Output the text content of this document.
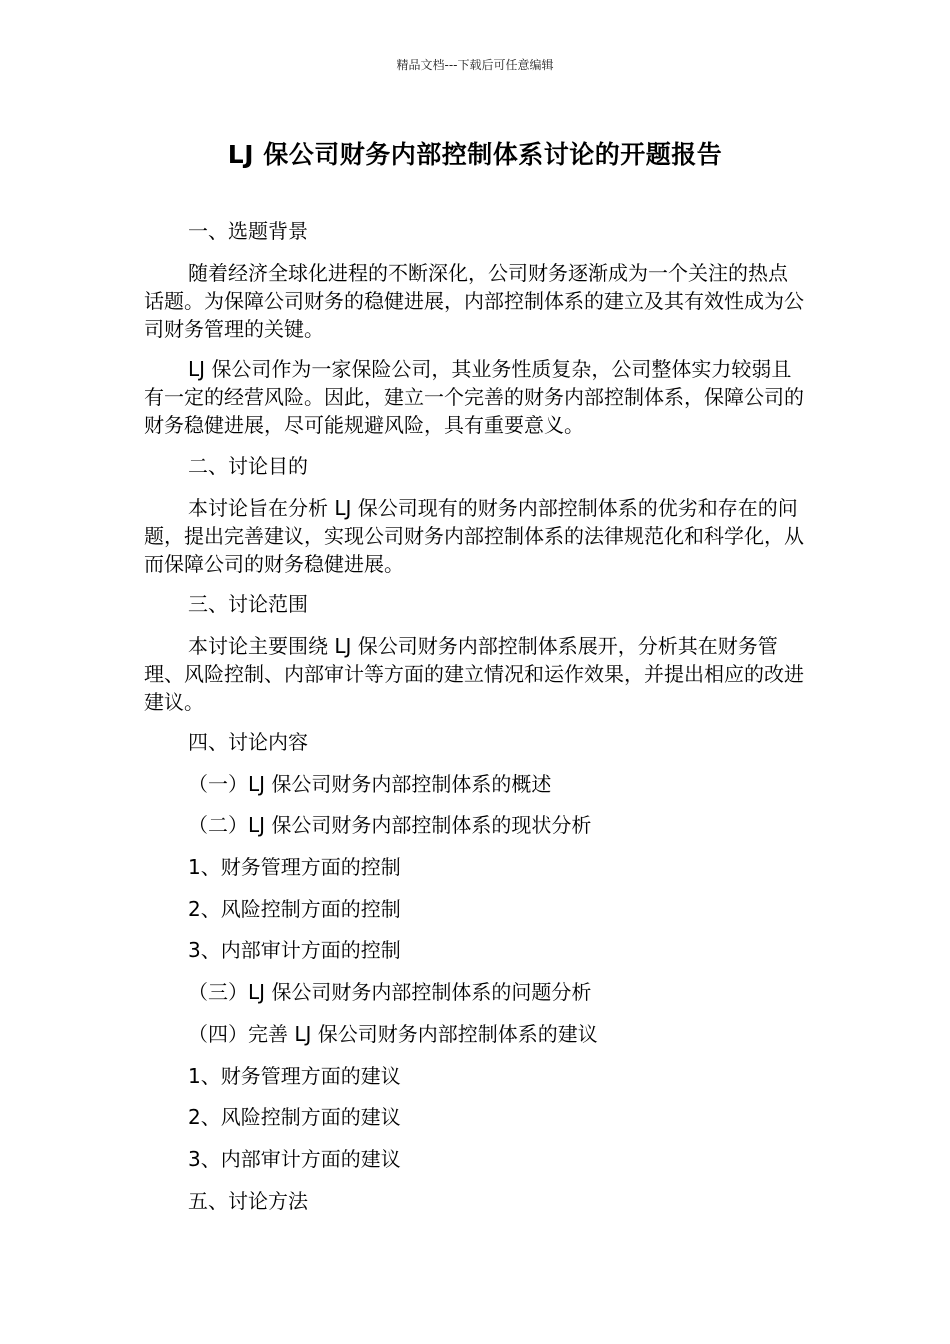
精品文档---下载后可任意编辑
LJ 保公司财务内部控制体系讨论的开题报告

一、选题背景

随着经济全球化进程的不断深化，公司财务逐渐成为一个关注的热点话题。为保障公司财务的稳健进展，内部控制体系的建立及其有效性成为公司财务管理的关键。

LJ 保公司作为一家保险公司，其业务性质复杂，公司整体实力较弱且有一定的经营风险。因此，建立一个完善的财务内部控制体系，保障公司的财务稳健进展，尽可能规避风险，具有重要意义。

二、讨论目的

本讨论旨在分析 LJ 保公司现有的财务内部控制体系的优劣和存在的问题，提出完善建议，实现公司财务内部控制体系的法律规范化和科学化，从而保障公司的财务稳健进展。

三、讨论范围

本讨论主要围绕 LJ 保公司财务内部控制体系展开，分析其在财务管理、风险控制、内部审计等方面的建立情况和运作效果，并提出相应的改进建议。

四、讨论内容

（一）LJ 保公司财务内部控制体系的概述

（二）LJ 保公司财务内部控制体系的现状分析

1、财务管理方面的控制

2、风险控制方面的控制

3、内部审计方面的控制

（三）LJ 保公司财务内部控制体系的问题分析

（四）完善 LJ 保公司财务内部控制体系的建议

1、财务管理方面的建议

2、风险控制方面的建议

3、内部审计方面的建议

五、讨论方法
